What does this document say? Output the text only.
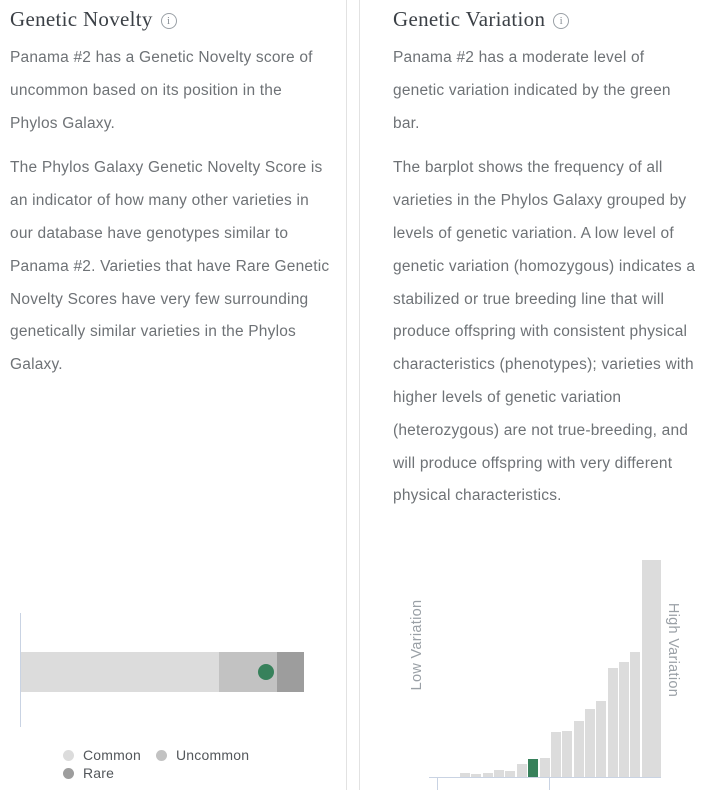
Genetic Novelty i

Panama #2 has a Genetic Novelty score of uncommon based on its position in the Phylos Galaxy.

The Phylos Galaxy Genetic Novelty Score is an indicator of how many other varieties in our database have genotypes similar to Panama #2. Varieties that have Rare Genetic Novelty Scores have very few surrounding genetically similar varieties in the Phylos Galaxy.

Common	Uncommon
Rare
Genetic Variation i

Panama #2 has a moderate level of genetic variation indicated by the green bar.

The barplot shows the frequency of all varieties in the Phylos Galaxy grouped by levels of genetic variation. A low level of genetic variation (homozygous) indicates a stabilized or true breeding line that will produce offspring with consistent physical characteristics (phenotypes); varieties with higher levels of genetic variation (heterozygous) are not true-breeding, and will produce offspring with very different physical characteristics.

Low Variation	High Variation
